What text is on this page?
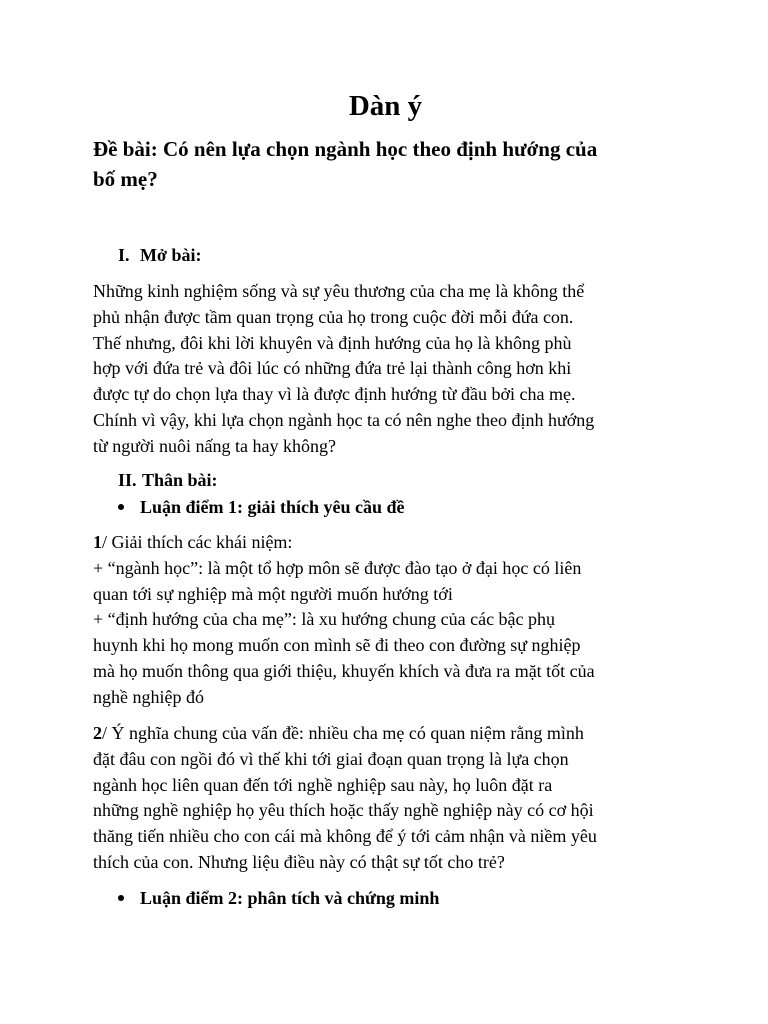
Dàn ý
Đề bài: Có nên lựa chọn ngành học theo định hướng của
bố mẹ?
I. Mở bài:
Những kinh nghiệm sống và sự yêu thương của cha mẹ là không thể
phủ nhận được tầm quan trọng của họ trong cuộc đời mỗi đứa con.
Thế nhưng, đôi khi lời khuyên và định hướng của họ là không phù
hợp với đứa trẻ và đôi lúc có những đứa trẻ lại thành công hơn khi
được tự do chọn lựa thay vì là được định hướng từ đầu bởi cha mẹ.
Chính vì vậy, khi lựa chọn ngành học ta có nên nghe theo định hướng
từ người nuôi nấng ta hay không?
II. Thân bài:
Luận điểm 1: giải thích yêu cầu đề
1/ Giải thích các khái niệm:
+ “ngành học”: là một tổ hợp môn sẽ được đào tạo ở đại học có liên
quan tới sự nghiệp mà một người muốn hướng tới
+ “định hướng của cha mẹ”: là xu hướng chung của các bậc phụ
huynh khi họ mong muốn con mình sẽ đi theo con đường sự nghiệp
mà họ muốn thông qua giới thiệu, khuyến khích và đưa ra mặt tốt của
nghề nghiệp đó
2/ Ý nghĩa chung của vấn đề: nhiều cha mẹ có quan niệm rằng mình
đặt đâu con ngồi đó vì thế khi tới giai đoạn quan trọng là lựa chọn
ngành học liên quan đến tới nghề nghiệp sau này, họ luôn đặt ra
những nghề nghiệp họ yêu thích hoặc thấy nghề nghiệp này có cơ hội
thăng tiến nhiều cho con cái mà không để ý tới cảm nhận và niềm yêu
thích của con. Nhưng liệu điều này có thật sự tốt cho trẻ?
Luận điểm 2: phân tích và chứng minh
